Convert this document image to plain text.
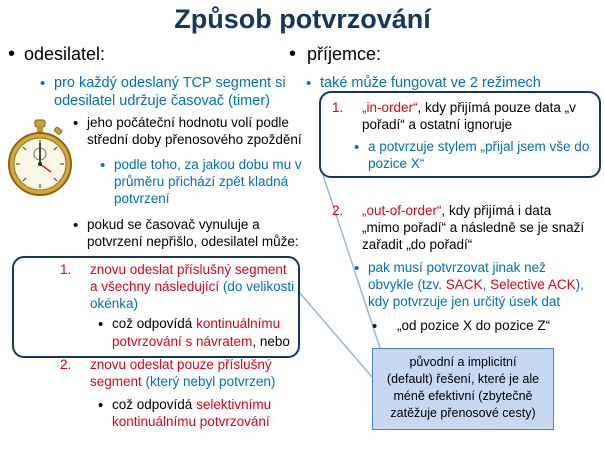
Způsob potvrzování
• odesilatel:
• pro každý odeslaný TCP segment si
odesilatel udržuje časovač (timer)
• jeho počáteční hodnotu volí podle
střední doby přenosového zpoždění
• podle toho, za jakou dobu mu v
průměru přichází zpět kladná
potvrzení
• pokud se časovač vynuluje a
potvrzení nepřišlo, odesilatel může:
1. znovu odeslat příslušný segment
a všechny následující (do velikosti
okénka)
• což odpovídá kontinuálnímu
potvrzování s návratem, nebo
2. znovu odeslat pouze příslušný
segment (který nebyl potvrzen)
• což odpovídá selektivnímu
kontinuálnímu potvrzování
• příjemce:
• také může fungovat ve 2 režimech
1. „in-order“, kdy přijímá pouze data „v
pořadí“ a ostatní ignoruje
• a potvrzuje stylem „přijal jsem vše do
pozice X“
2. „out-of-order“, kdy přijímá i data
„mimo pořadí“ a následně se je snaží
zařadit „do pořadí“
• pak musí potvrzovat jinak než
obvykle (tzv. SACK, Selective ACK),
kdy potvrzuje jen určitý úsek dat
• „od pozice X do pozice Z“
původní a implicitní
(default) řešení, které je ale
méně efektivní (zbytečně
zatěžuje přenosové cesty)
